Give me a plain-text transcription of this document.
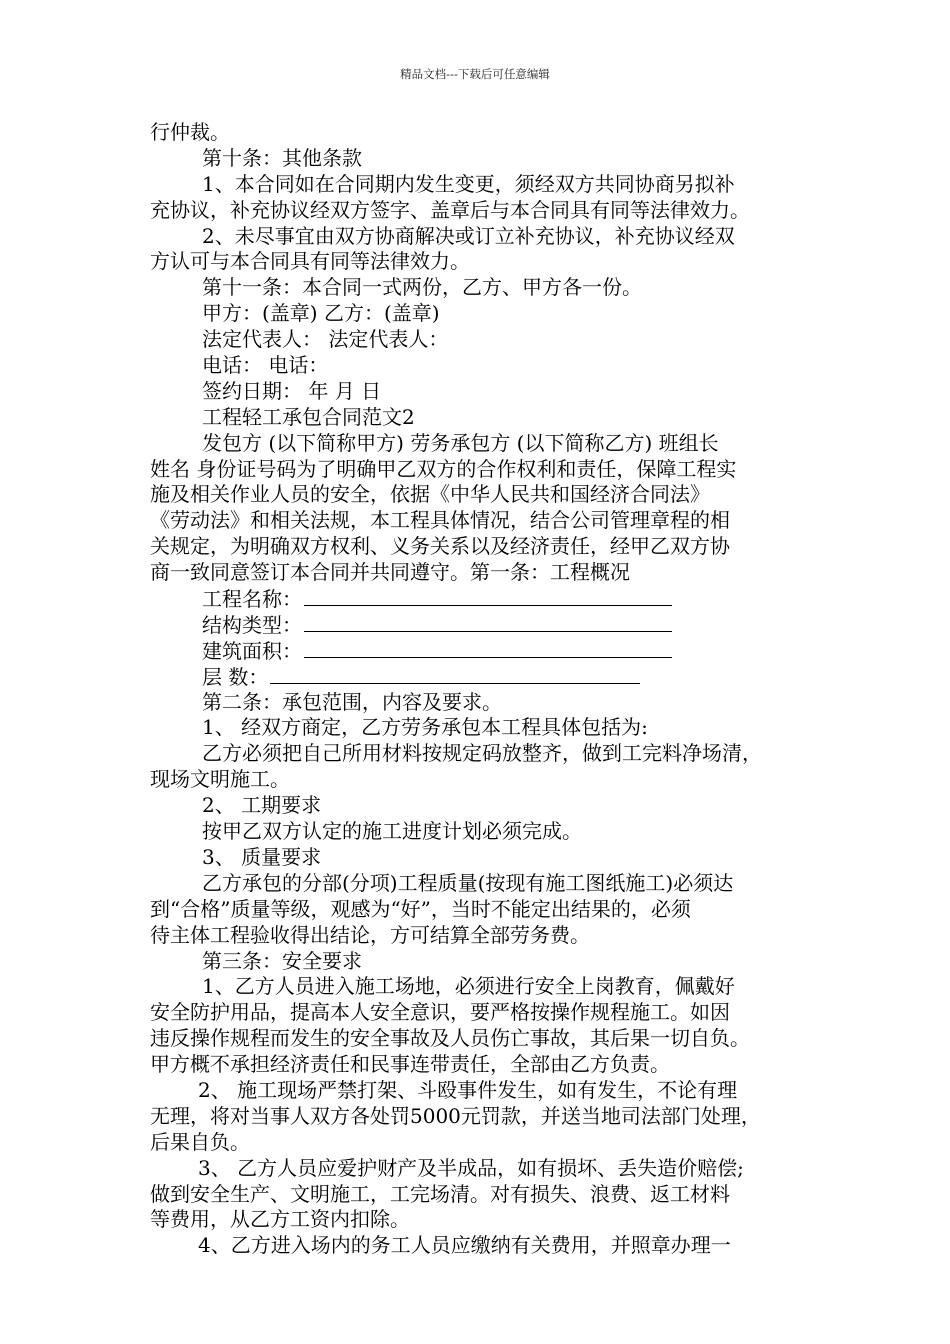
精品文档---下载后可任意编辑
行仲裁。
第十条：其他条款
1、本合同如在合同期内发生变更，须经双方共同协商另拟补
充协议，补充协议经双方签字、盖章后与本合同具有同等法律效力。
2、未尽事宜由双方协商解决或订立补充协议，补充协议经双
方认可与本合同具有同等法律效力。
第十一条：本合同一式两份，乙方、甲方各一份。
甲方：(盖章) 乙方：(盖章)
法定代表人： 法定代表人：
电话： 电话：
签约日期： 年 月 日
工程轻工承包合同范文2
发包方 (以下简称甲方) 劳务承包方 (以下简称乙方) 班组长
姓名 身份证号码为了明确甲乙双方的合作权利和责任，保障工程实
施及相关作业人员的安全，依据《中华人民共和国经济合同法》
《劳动法》和相关法规，本工程具体情况，结合公司管理章程的相
关规定，为明确双方权利、义务关系以及经济责任，经甲乙双方协
商一致同意签订本合同并共同遵守。第一条：工程概况
工程名称：
结构类型：
建筑面积：
层 数：
第二条：承包范围，内容及要求。
1、 经双方商定，乙方劳务承包本工程具体包括为:
乙方必须把自己所用材料按规定码放整齐，做到工完料净场清，
现场文明施工。
2、 工期要求
按甲乙双方认定的施工进度计划必须完成。
3、 质量要求
乙方承包的分部(分项)工程质量(按现有施工图纸施工)必须达
到“合格”质量等级，观感为“好”，当时不能定出结果的，必须
待主体工程验收得出结论，方可结算全部劳务费。
第三条：安全要求
1、乙方人员进入施工场地，必须进行安全上岗教育，佩戴好
安全防护用品，提高本人安全意识，要严格按操作规程施工。如因
违反操作规程而发生的安全事故及人员伤亡事故，其后果一切自负。
甲方概不承担经济责任和民事连带责任，全部由乙方负责。
2、 施工现场严禁打架、斗殴事件发生，如有发生，不论有理
无理，将对当事人双方各处罚5000元罚款，并送当地司法部门处理，
后果自负。
3、 乙方人员应爱护财产及半成品，如有损坏、丢失造价赔偿;
做到安全生产、文明施工，工完场清。对有损失、浪费、返工材料
等费用，从乙方工资内扣除。
4、乙方进入场内的务工人员应缴纳有关费用，并照章办理一
